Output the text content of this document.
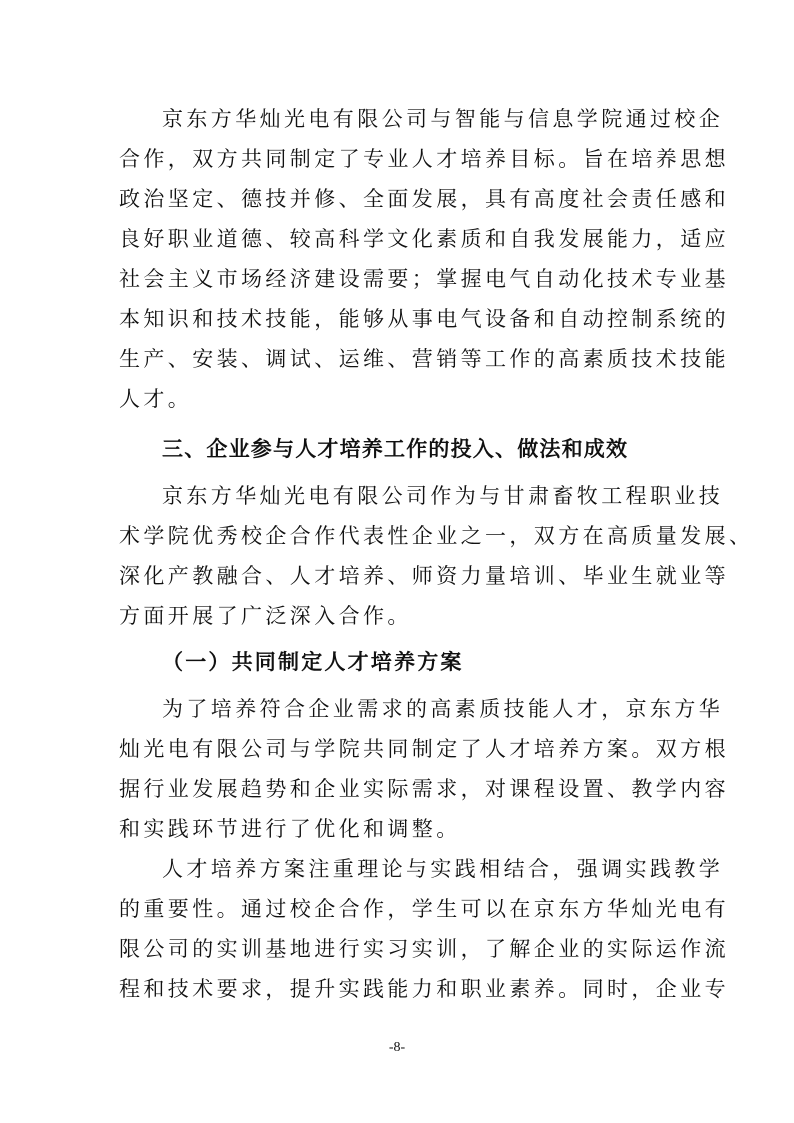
京东方华灿光电有限公司与智能与信息学院通过校企
合作，双方共同制定了专业人才培养目标。旨在培养思想
政治坚定、德技并修、全面发展，具有高度社会责任感和
良好职业道德、较高科学文化素质和自我发展能力，适应
社会主义市场经济建设需要；掌握电气自动化技术专业基
本知识和技术技能，能够从事电气设备和自动控制系统的
生产、安装、调试、运维、营销等工作的高素质技术技能
人才。
三、企业参与人才培养工作的投入、做法和成效
京东方华灿光电有限公司作为与甘肃畜牧工程职业技
术学院优秀校企合作代表性企业之一，双方在高质量发展、
深化产教融合、人才培养、师资力量培训、毕业生就业等
方面开展了广泛深入合作。
（一）共同制定人才培养方案
为了培养符合企业需求的高素质技能人才，京东方华
灿光电有限公司与学院共同制定了人才培养方案。双方根
据行业发展趋势和企业实际需求，对课程设置、教学内容
和实践环节进行了优化和调整。
人才培养方案注重理论与实践相结合，强调实践教学
的重要性。通过校企合作，学生可以在京东方华灿光电有
限公司的实训基地进行实习实训，了解企业的实际运作流
程和技术要求，提升实践能力和职业素养。同时，企业专
-8-
